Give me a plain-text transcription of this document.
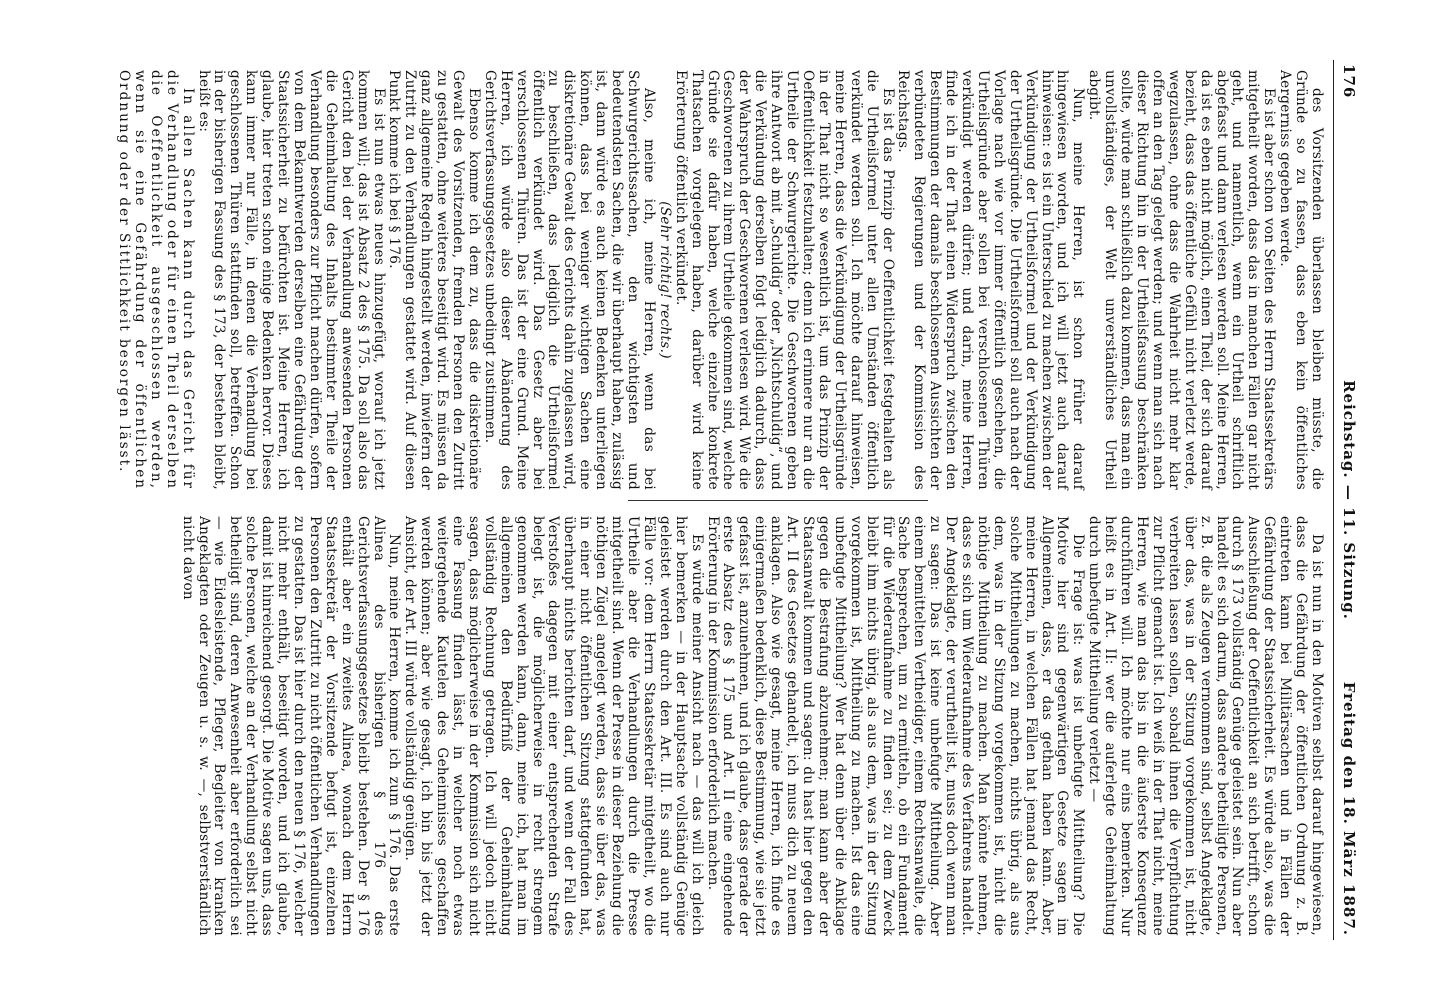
176
Reichstag. — 11. Sitzung.
Freitag den 18. März 1887.

des Vorsitzenden überlassen bleiben müsste, die Gründe so zu fassen, dass eben kein öffentliches Aergerniss gegeben werde.

Es ist aber schon von Seiten des Herrn Staatssekretärs mitgetheilt worden, dass das in manchen Fällen gar nicht geht, und namentlich, wenn ein Urtheil schriftlich abgefasst und dann verlesen werden soll. Meine Herren, da ist es eben nicht möglich, einen Theil, der sich darauf bezieht, dass das öffentliche Gefühl nicht verletzt werde, wegzulassen, ohne dass die Wahrheit nicht mehr klar offen an den Tag gelegt werden; und wenn man sich nach dieser Richtung hin in der Urtheilsfassung beschränken sollte, würde man schließlich dazu kommen, dass man ein unvollständiges, der Welt unverständliches Urtheil abgibt.

Nun, meine Herren, ist schon früher darauf hingewiesen worden, und ich will jetzt auch darauf hinweisen: es ist ein Unterschied zu machen zwischen der Verkündigung der Urtheilsformel und der Verkündigung der Urtheilsgründe. Die Urtheilsformel soll auch nach der Vorlage nach wie vor immer öffentlich geschehen, die Urtheilsgründe aber sollen bei verschlossenen Thüren verkündigt werden dürfen; und darin, meine Herren, finde ich in der That einen Widerspruch zwischen den Bestimmungen der damals beschlossenen Aussichten der verbündeten Regierungen und der Kommission des Reichstags.

Es ist das Prinzip der Oeffentlichkeit festgehalten als die Urtheilsformel unter allen Umständen öffentlich verkündet werden soll. Ich möchte darauf hinweisen, meine Herren, dass die Verkündigung der Urtheilsgründe in der That nicht so wesentlich ist, um das Prinzip der Oeffentlichkeit festzuhalten; denn ich erinnere nur an die Urtheile der Schwurgerichte. Die Geschworenen geben ihre Antwort ab mit „Schuldig“ oder „Nichtschuldig“, und die Verkündung derselben folgt lediglich dadurch, dass der Wahrspruch der Geschworenen verlesen wird. Wie die Geschworenen zu ihrem Urtheile gekommen sind, welche Gründe sie dafür haben, welche einzelne konkrete Thatsachen vorgelegen haben, darüber wird keine Erörterung öffentlich verkündet.

(Sehr richtig! rechts.)

Also, meine ich, meine Herren, wenn das bei Schwurgerichtssachen, den wichtigsten und bedeutendsten Sachen, die wir überhaupt haben, zulässig ist, dann würde es auch keinen Bedenken unterliegen können, dass bei weniger wichtigen Sachen eine diskretionäre Gewalt des Gerichts dahin zugelassen wird, zu beschließen, dass lediglich die Urtheilsformel öffentlich verkündet wird. Das Gesetz aber bei verschlossenen Thüren. Das ist der eine Grund. Meine Herren, ich würde also dieser Abänderung des Gerichtsverfassungsgesetzes unbedingt zustimmen.

Ebenso komme ich dem zu, dass die diskretionäre Gewalt des Vorsitzenden, fremden Personen den Zutritt zu gestatten, ohne weiteres beseitigt wird. Es müssen da ganz allgemeine Regeln hingestellt werden, inwiefern der Zutritt zu den Verhandlungen gestattet wird. Auf diesen Punkt komme ich bei § 176.

Es ist nun etwas neues hinzugefügt, worauf ich jetzt kommen will; das ist Absatz 2 des § 175. Da soll also das Gericht den bei der Verhandlung anwesenden Personen die Geheimhaltung des Inhalts bestimmter Theile der Verhandlung besonders zur Pflicht machen dürfen, sofern von dem Bekanntwerden derselben eine Gefährdung der Staatssicherheit zu befürchten ist. Meine Herren, ich glaube, hier treten schon einige Bedenken hervor. Dieses kann immer nur Fälle, in denen die Verhandlung bei geschlossenen Thüren stattfinden soll, betreffen. Schon in der bisherigen Fassung des § 173, der bestehen bleibt, heißt es:

In allen Sachen kann durch das Gericht für die Verhandlung oder für einen Theil derselben die Oeffentlichkeit ausgeschlossen werden, wenn sie eine Gefährdung der öffentlichen Ordnung oder der Sittlichkeit besorgen lässt.

Da ist nun in den Motiven selbst darauf hingewiesen, dass die Gefährdung der öffentlichen Ordnung z. B. eintreten kann bei Militärsachen und in Fällen der Gefährdung der Staatssicherheit. Es würde also, was die Ausschließung der Oeffentlichkeit an sich betrifft, schon durch § 173 vollständig Genüge geleistet sein. Nun aber handelt es sich darum, dass andere betheiligte Personen, z. B. die als Zeugen vernommen sind, selbst Angeklagte, über das, was in der Sitzung vorgekommen ist, nicht verbreiten lassen sollen, sobald ihnen die Verpflichtung zur Pflicht gemacht ist. Ich weiß in der That nicht, meine Herren, wie man das bis in die äußerste Konsequenz durchführen will. Ich möchte nur eins bemerken. Nur heißt es in Art. II: wer die auferlegte Geheimhaltung durch unbefugte Mittheilung verletzt —

Die Frage ist: was ist unbefugte Mittheilung? Die Motive hier sind gegenwärtigen Gesetze sagen im Allgemeinen, dass, er das gethan haben kann. Aber, meine Herren, in welchen Fällen hat jemand das Recht, solche Mittheilungen zu machen, nichts übrig, als aus dem, was in der Sitzung vorgekommen ist, nicht die nöthige Mittheilung zu machen. Man könnte nehmen, dass es sich um Wiederaufnahme des Verfahrens handelt. Der Angeklagte, der verurtheilt ist, muss doch wenn man zu sagen: Das ist keine unbefugte Mittheilung. Aber einem bemittelten Vertheidiger, einem Rechtsanwalte, die Sache besprechen, um zu ermitteln, ob ein Fundament für die Wiederaufnahme zu finden sei; zu dem Zweck bleibt ihm nichts übrig, als aus dem, was in der Sitzung vorgekommen ist, Mittheilung zu machen. Ist das eine unbefugte Mittheilung? Wer hat denn über die Anklage gegen die Bestrafung abzunehmen; man kann aber der Staatsanwalt kommen und sagen: du hast hier gegen den Art. II des Gesetzes gehandelt, ich muss dich zu neuem anklagen. Also wie gesagt, meine Herren, ich finde es einigermaßen bedenklich, diese Bestimmung, wie sie jetzt gefasst ist, anzunehmen, und ich glaube, dass gerade der erste Absatz des § 175 und Art. II eine eingehende Erörterung in der Kommission erforderlich machen.

Es würde meiner Ansicht nach — das will ich gleich hier bemerken — in der Hauptsache vollständig Genüge geleistet werden durch den Art. III. Es sind auch nur Fälle vor: dem Herrn Staatssekretär mitgetheilt, wo die Urtheile aber die Verhandlungen durch die Presse mitgetheilt sind. Wenn der Presse in dieser Beziehung die nöthigen Zügel angelegt werden, dass sie über das, was in einer nicht öffentlichen Sitzung stattgefunden hat, überhaupt nichts berichten darf, und wenn der Fall des Verstoßes dagegen mit einer entsprechenden Strafe belegt ist, die möglicherweise in recht strengem genommen werden kann, dann, meine ich, hat man im allgemeinen den Bedürfniß der Geheimhaltung vollständig Rechnung getragen. Ich will jedoch nicht sagen, dass möglicherweise in der Kommission sich nicht eine Fassung finden lässt, in welcher noch etwas weitergehende Kautelen des Geheimnisses geschaffen werden können; aber wie gesagt, ich bin bis jetzt der Ansicht, der Art. III würde vollständig genügen.

Nun, meine Herren, komme ich zum § 176. Das erste Alinea des bisherigen § 176 des Gerichtsverfassungsgesetzes bleibt bestehen. Der § 176 enthält aber ein zweites Alinea, wonach dem Herrn Staatssekretär der Vorsitzende befugt ist, einzelnen Personen den Zutritt zu nicht öffentlichen Verhandlungen zu gestatten. Das ist hier durch den neuen § 176, welcher nicht mehr enthält, beseitigt worden, und ich glaube, damit ist hinreichend gesorgt. Die Motive sagen uns, dass solche Personen, welche an der Verhandlung selbst nicht betheiligt sind, deren Anwesenheit aber erforderlich sei — wie Eidesleistende, Pfleger, Begleiter von kranken Angeklagten oder Zeugen u. s. w. —, selbstverständlich nicht davon
